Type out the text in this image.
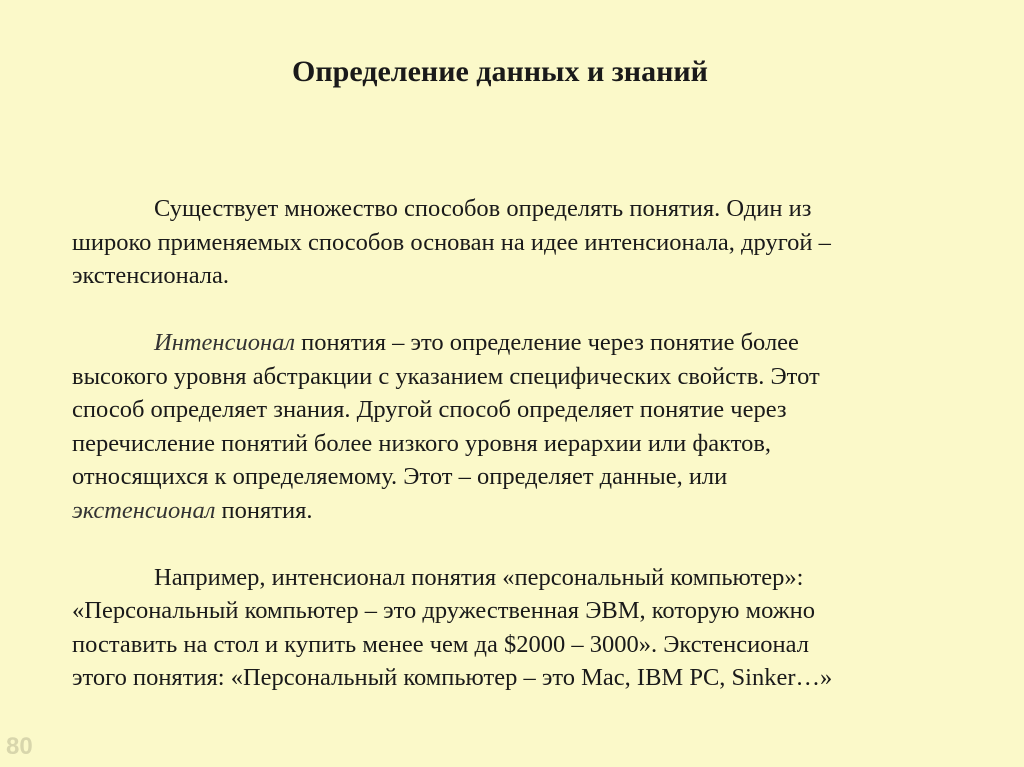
Определение данных и знаний
Существует множество способов определять понятия. Один из
широко применяемых способов основан на идее интенсионала, другой –
экстенсионала.
Интенсионал понятия – это определение через понятие более
высокого уровня абстракции с указанием специфических свойств. Этот
способ определяет знания. Другой способ определяет понятие через
перечисление понятий более низкого уровня иерархии или фактов,
относящихся к определяемому. Этот – определяет данные, или
экстенсионал понятия.
Например, интенсионал понятия «персональный компьютер»:
«Персональный компьютер – это дружественная ЭВМ, которую можно
поставить на стол и купить менее чем да $2000 – 3000». Экстенсионал
этого понятия: «Персональный компьютер – это Mac, IBM PC, Sinker…»
80
